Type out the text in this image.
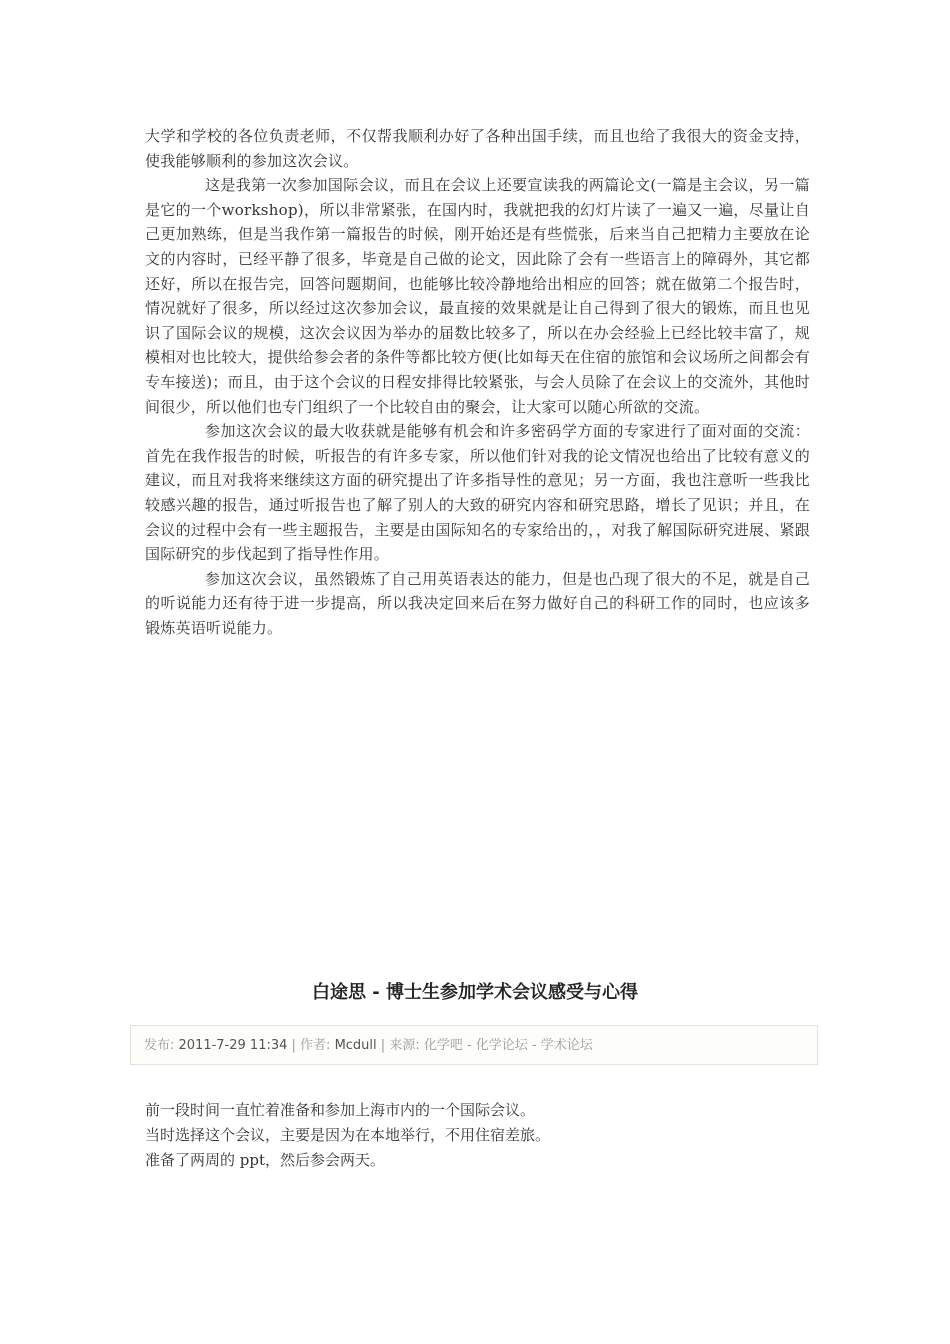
大学和学校的各位负责老师，不仅帮我顺利办好了各种出国手续，而且也给了我很大的资金支持，使我能够顺利的参加这次会议。

这是我第一次参加国际会议，而且在会议上还要宣读我的两篇论文(一篇是主会议，另一篇是它的一个workshop)，所以非常紧张，在国内时，我就把我的幻灯片读了一遍又一遍，尽量让自己更加熟练，但是当我作第一篇报告的时候，刚开始还是有些慌张，后来当自己把精力主要放在论文的内容时，已经平静了很多，毕竟是自己做的论文，因此除了会有一些语言上的障碍外，其它都还好，所以在报告完，回答问题期间，也能够比较冷静地给出相应的回答；就在做第二个报告时，情况就好了很多，所以经过这次参加会议，最直接的效果就是让自己得到了很大的锻炼，而且也见识了国际会议的规模，这次会议因为举办的届数比较多了，所以在办会经验上已经比较丰富了，规模相对也比较大，提供给参会者的条件等都比较方便(比如每天在住宿的旅馆和会议场所之间都会有专车接送)；而且，由于这个会议的日程安排得比较紧张，与会人员除了在会议上的交流外，其他时间很少，所以他们也专门组织了一个比较自由的聚会，让大家可以随心所欲的交流。

参加这次会议的最大收获就是能够有机会和许多密码学方面的专家进行了面对面的交流：首先在我作报告的时候，听报告的有许多专家，所以他们针对我的论文情况也给出了比较有意义的建议，而且对我将来继续这方面的研究提出了许多指导性的意见；另一方面，我也注意听一些我比较感兴趣的报告，通过听报告也了解了别人的大致的研究内容和研究思路，增长了见识；并且，在会议的过程中会有一些主题报告，主要是由国际知名的专家给出的，，对我了解国际研究进展、紧跟国际研究的步伐起到了指导性作用。

参加这次会议，虽然锻炼了自己用英语表达的能力，但是也凸现了很大的不足，就是自己的听说能力还有待于进一步提高，所以我决定回来后在努力做好自己的科研工作的同时，也应该多锻炼英语听说能力。

白途思 - 博士生参加学术会议感受与心得
发布: 2011-7-29 11:34 | 作者: Mcdull | 来源: 化学吧 - 化学论坛 - 学术论坛

前一段时间一直忙着准备和参加上海市内的一个国际会议。

当时选择这个会议，主要是因为在本地举行，不用住宿差旅。

准备了两周的 ppt，然后参会两天。
